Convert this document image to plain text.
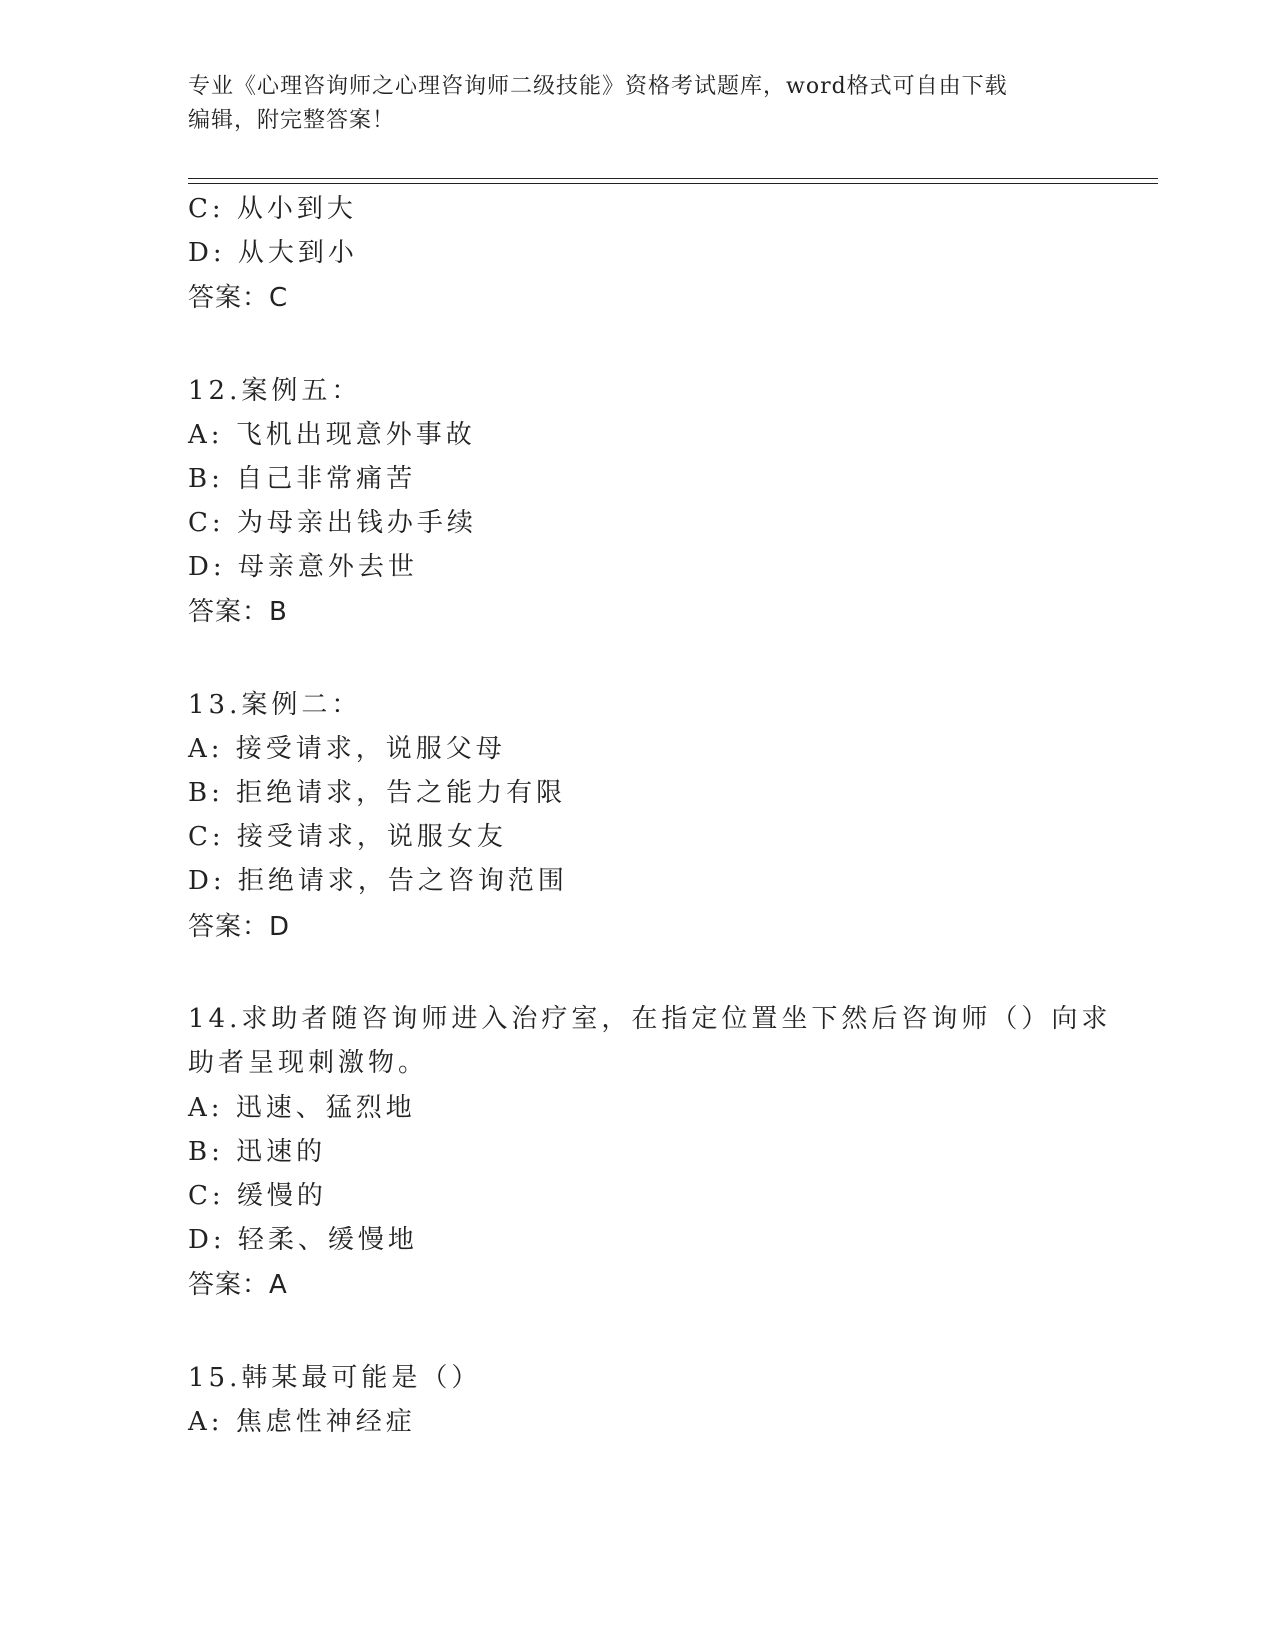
专业《心理咨询师之心理咨询师二级技能》资格考试题库，word格式可自由下载
编辑，附完整答案！
C: 从小到大
D: 从大到小
答案：C
12.案例五：
A: 飞机出现意外事故
B: 自己非常痛苦
C: 为母亲出钱办手续
D: 母亲意外去世
答案：B
13.案例二：
A: 接受请求，说服父母
B: 拒绝请求，告之能力有限
C: 接受请求，说服女友
D: 拒绝请求，告之咨询范围
答案：D
14.求助者随咨询师进入治疗室，在指定位置坐下然后咨询师（）向求
助者呈现刺激物。
A: 迅速、猛烈地
B: 迅速的
C: 缓慢的
D: 轻柔、缓慢地
答案：A
15.韩某最可能是（）
A: 焦虑性神经症
